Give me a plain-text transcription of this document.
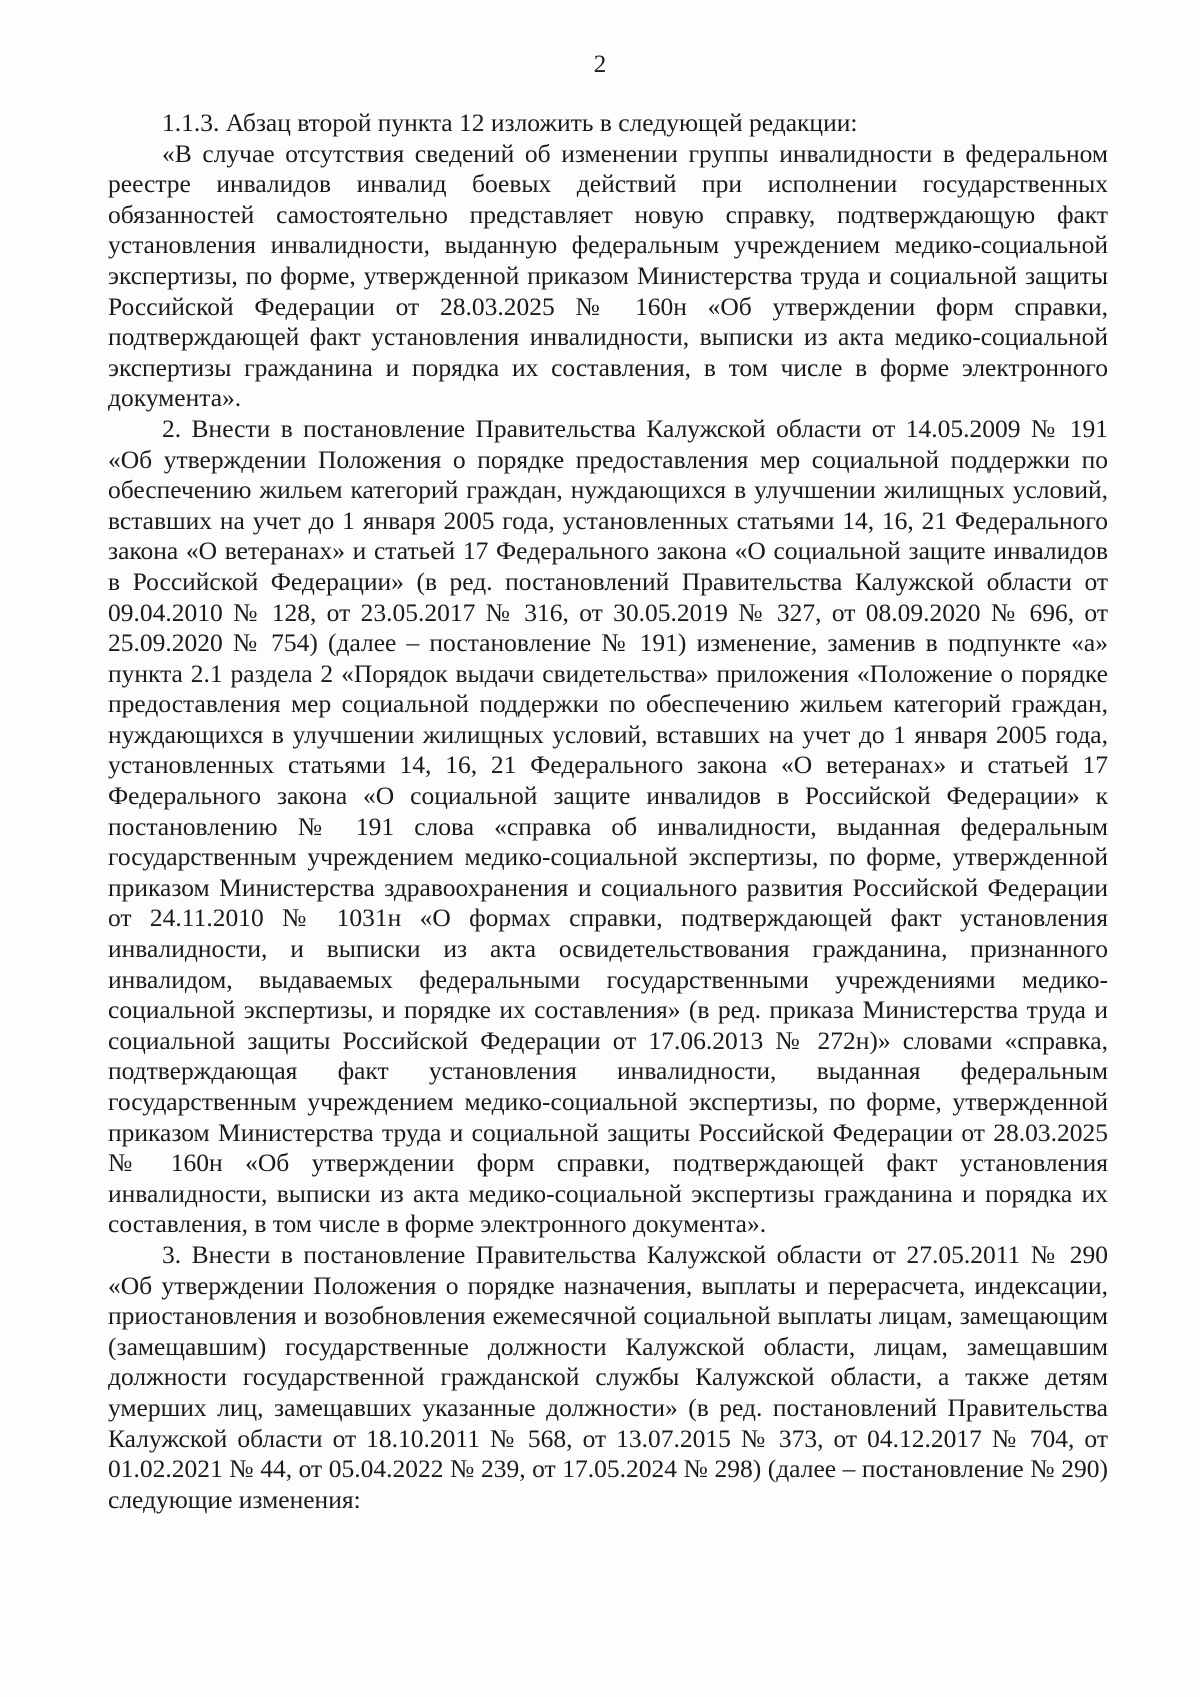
2

1.1.3. Абзац второй пункта 12 изложить в следующей редакции:

«В случае отсутствия сведений об изменении группы инвалидности в федеральном реестре инвалидов инвалид боевых действий при исполнении государственных обязанностей самостоятельно представляет новую справку, подтверждающую факт установления инвалидности, выданную федеральным учреждением медико-социальной экспертизы, по форме, утвержденной приказом Министерства труда и социальной защиты Российской Федерации от 28.03.2025 № 160н «Об утверждении форм справки, подтверждающей факт установления инвалидности, выписки из акта медико-социальной экспертизы гражданина и порядка их составления, в том числе в форме электронного документа».

2. Внести в постановление Правительства Калужской области от 14.05.2009 № 191 «Об утверждении Положения о порядке предоставления мер социальной поддержки по обеспечению жильем категорий граждан, нуждающихся в улучшении жилищных условий, вставших на учет до 1 января 2005 года, установленных статьями 14, 16, 21 Федерального закона «О ветеранах» и статьей 17 Федерального закона «О социальной защите инвалидов в Российской Федерации» (в ред. постановлений Правительства Калужской области от 09.04.2010 № 128, от 23.05.2017 № 316, от 30.05.2019 № 327, от 08.09.2020 № 696, от 25.09.2020 № 754) (далее – постановление № 191) изменение, заменив в подпункте «а» пункта 2.1 раздела 2 «Порядок выдачи свидетельства» приложения «Положение о порядке предоставления мер социальной поддержки по обеспечению жильем категорий граждан, нуждающихся в улучшении жилищных условий, вставших на учет до 1 января 2005 года, установленных статьями 14, 16, 21 Федерального закона «О ветеранах» и статьей 17 Федерального закона «О социальной защите инвалидов в Российской Федерации» к постановлению № 191 слова «справка об инвалидности, выданная федеральным государственным учреждением медико-социальной экспертизы, по форме, утвержденной приказом Министерства здравоохранения и социального развития Российской Федерации от 24.11.2010 № 1031н «О формах справки, подтверждающей факт установления инвалидности, и выписки из акта освидетельствования гражданина, признанного инвалидом, выдаваемых федеральными государственными учреждениями медико-социальной экспертизы, и порядке их составления» (в ред. приказа Министерства труда и социальной защиты Российской Федерации от 17.06.2013 № 272н)» словами «справка, подтверждающая факт установления инвалидности, выданная федеральным государственным учреждением медико-социальной экспертизы, по форме, утвержденной приказом Министерства труда и социальной защиты Российской Федерации от 28.03.2025 № 160н «Об утверждении форм справки, подтверждающей факт установления инвалидности, выписки из акта медико-социальной экспертизы гражданина и порядка их составления, в том числе в форме электронного документа».

3. Внести в постановление Правительства Калужской области от 27.05.2011 № 290 «Об утверждении Положения о порядке назначения, выплаты и перерасчета, индексации, приостановления и возобновления ежемесячной социальной выплаты лицам, замещающим (замещавшим) государственные должности Калужской области, лицам, замещавшим должности государственной гражданской службы Калужской области, а также детям умерших лиц, замещавших указанные должности» (в ред. постановлений Правительства Калужской области от 18.10.2011 № 568, от 13.07.2015 № 373, от 04.12.2017 № 704, от 01.02.2021 № 44, от 05.04.2022 № 239, от 17.05.2024 № 298) (далее – постановление № 290) следующие изменения:
